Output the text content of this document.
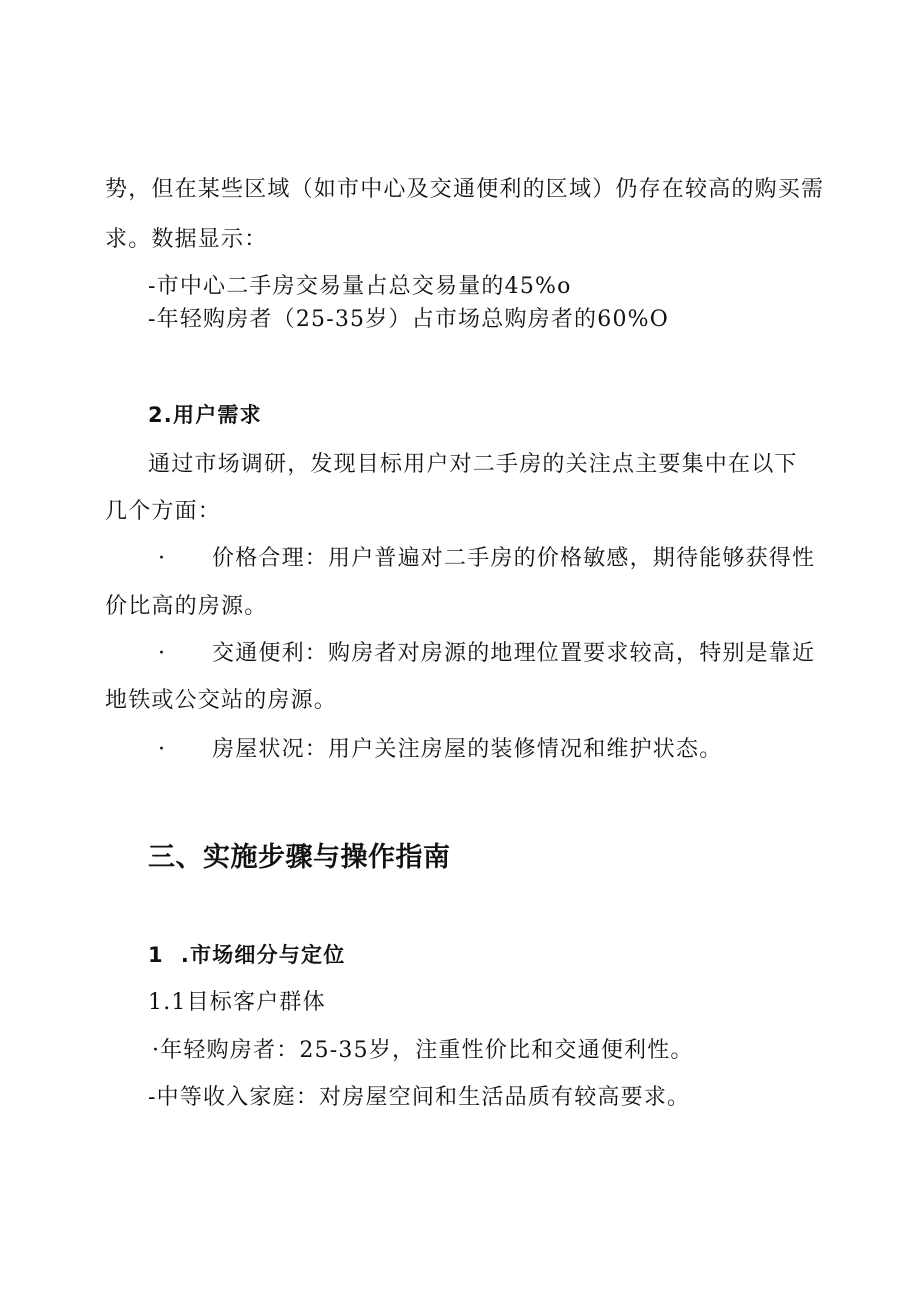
势，但在某些区域（如市中心及交通便利的区域）仍存在较高的购买需
求。数据显示：
-市中心二手房交易量占总交易量的45%o
-年轻购房者（25-35岁）占市场总购房者的60%O
2.用户需求
通过市场调研，发现目标用户对二手房的关注点主要集中在以下
几个方面：
· 价格合理：用户普遍对二手房的价格敏感，期待能够获得性
价比高的房源。
· 交通便利：购房者对房源的地理位置要求较高，特别是靠近
地铁或公交站的房源。
· 房屋状况：用户关注房屋的装修情况和维护状态。
三、实施步骤与操作指南
1  .市场细分与定位
1.1目标客户群体
·年轻购房者：25-35岁，注重性价比和交通便利性。
-中等收入家庭：对房屋空间和生活品质有较高要求。
